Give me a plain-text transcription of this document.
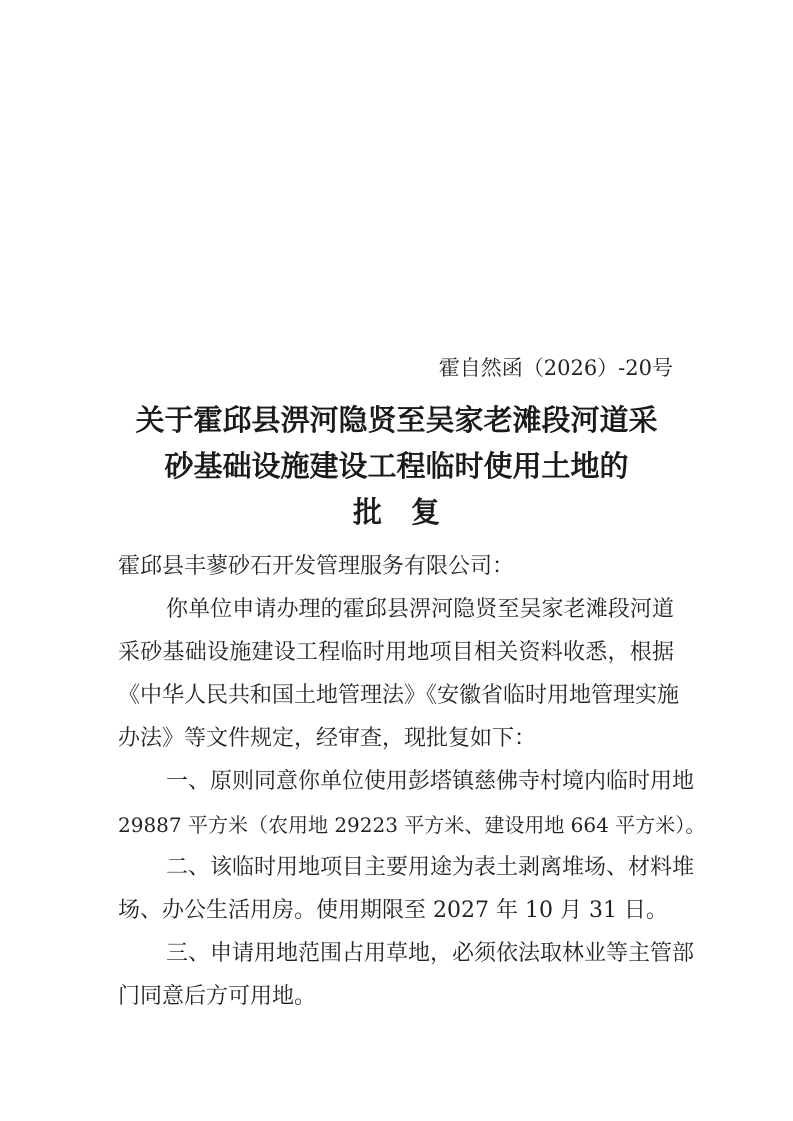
霍自然函（2026）-20号
关于霍邱县淠河隐贤至吴家老滩段河道采
砂基础设施建设工程临时使用土地的
批　复
霍邱县丰蓼砂石开发管理服务有限公司：
你单位申请办理的霍邱县淠河隐贤至吴家老滩段河道
采砂基础设施建设工程临时用地项目相关资料收悉，根据
《中华人民共和国土地管理法》《安徽省临时用地管理实施
办法》等文件规定，经审查，现批复如下：
一、原则同意你单位使用彭塔镇慈佛寺村境内临时用地
29887 平方米（农用地 29223 平方米、建设用地 664 平方米）。
二、该临时用地项目主要用途为表土剥离堆场、材料堆
场、办公生活用房。使用期限至 2027 年 10 月 31 日。
三、申请用地范围占用草地，必须依法取林业等主管部
门同意后方可用地。
